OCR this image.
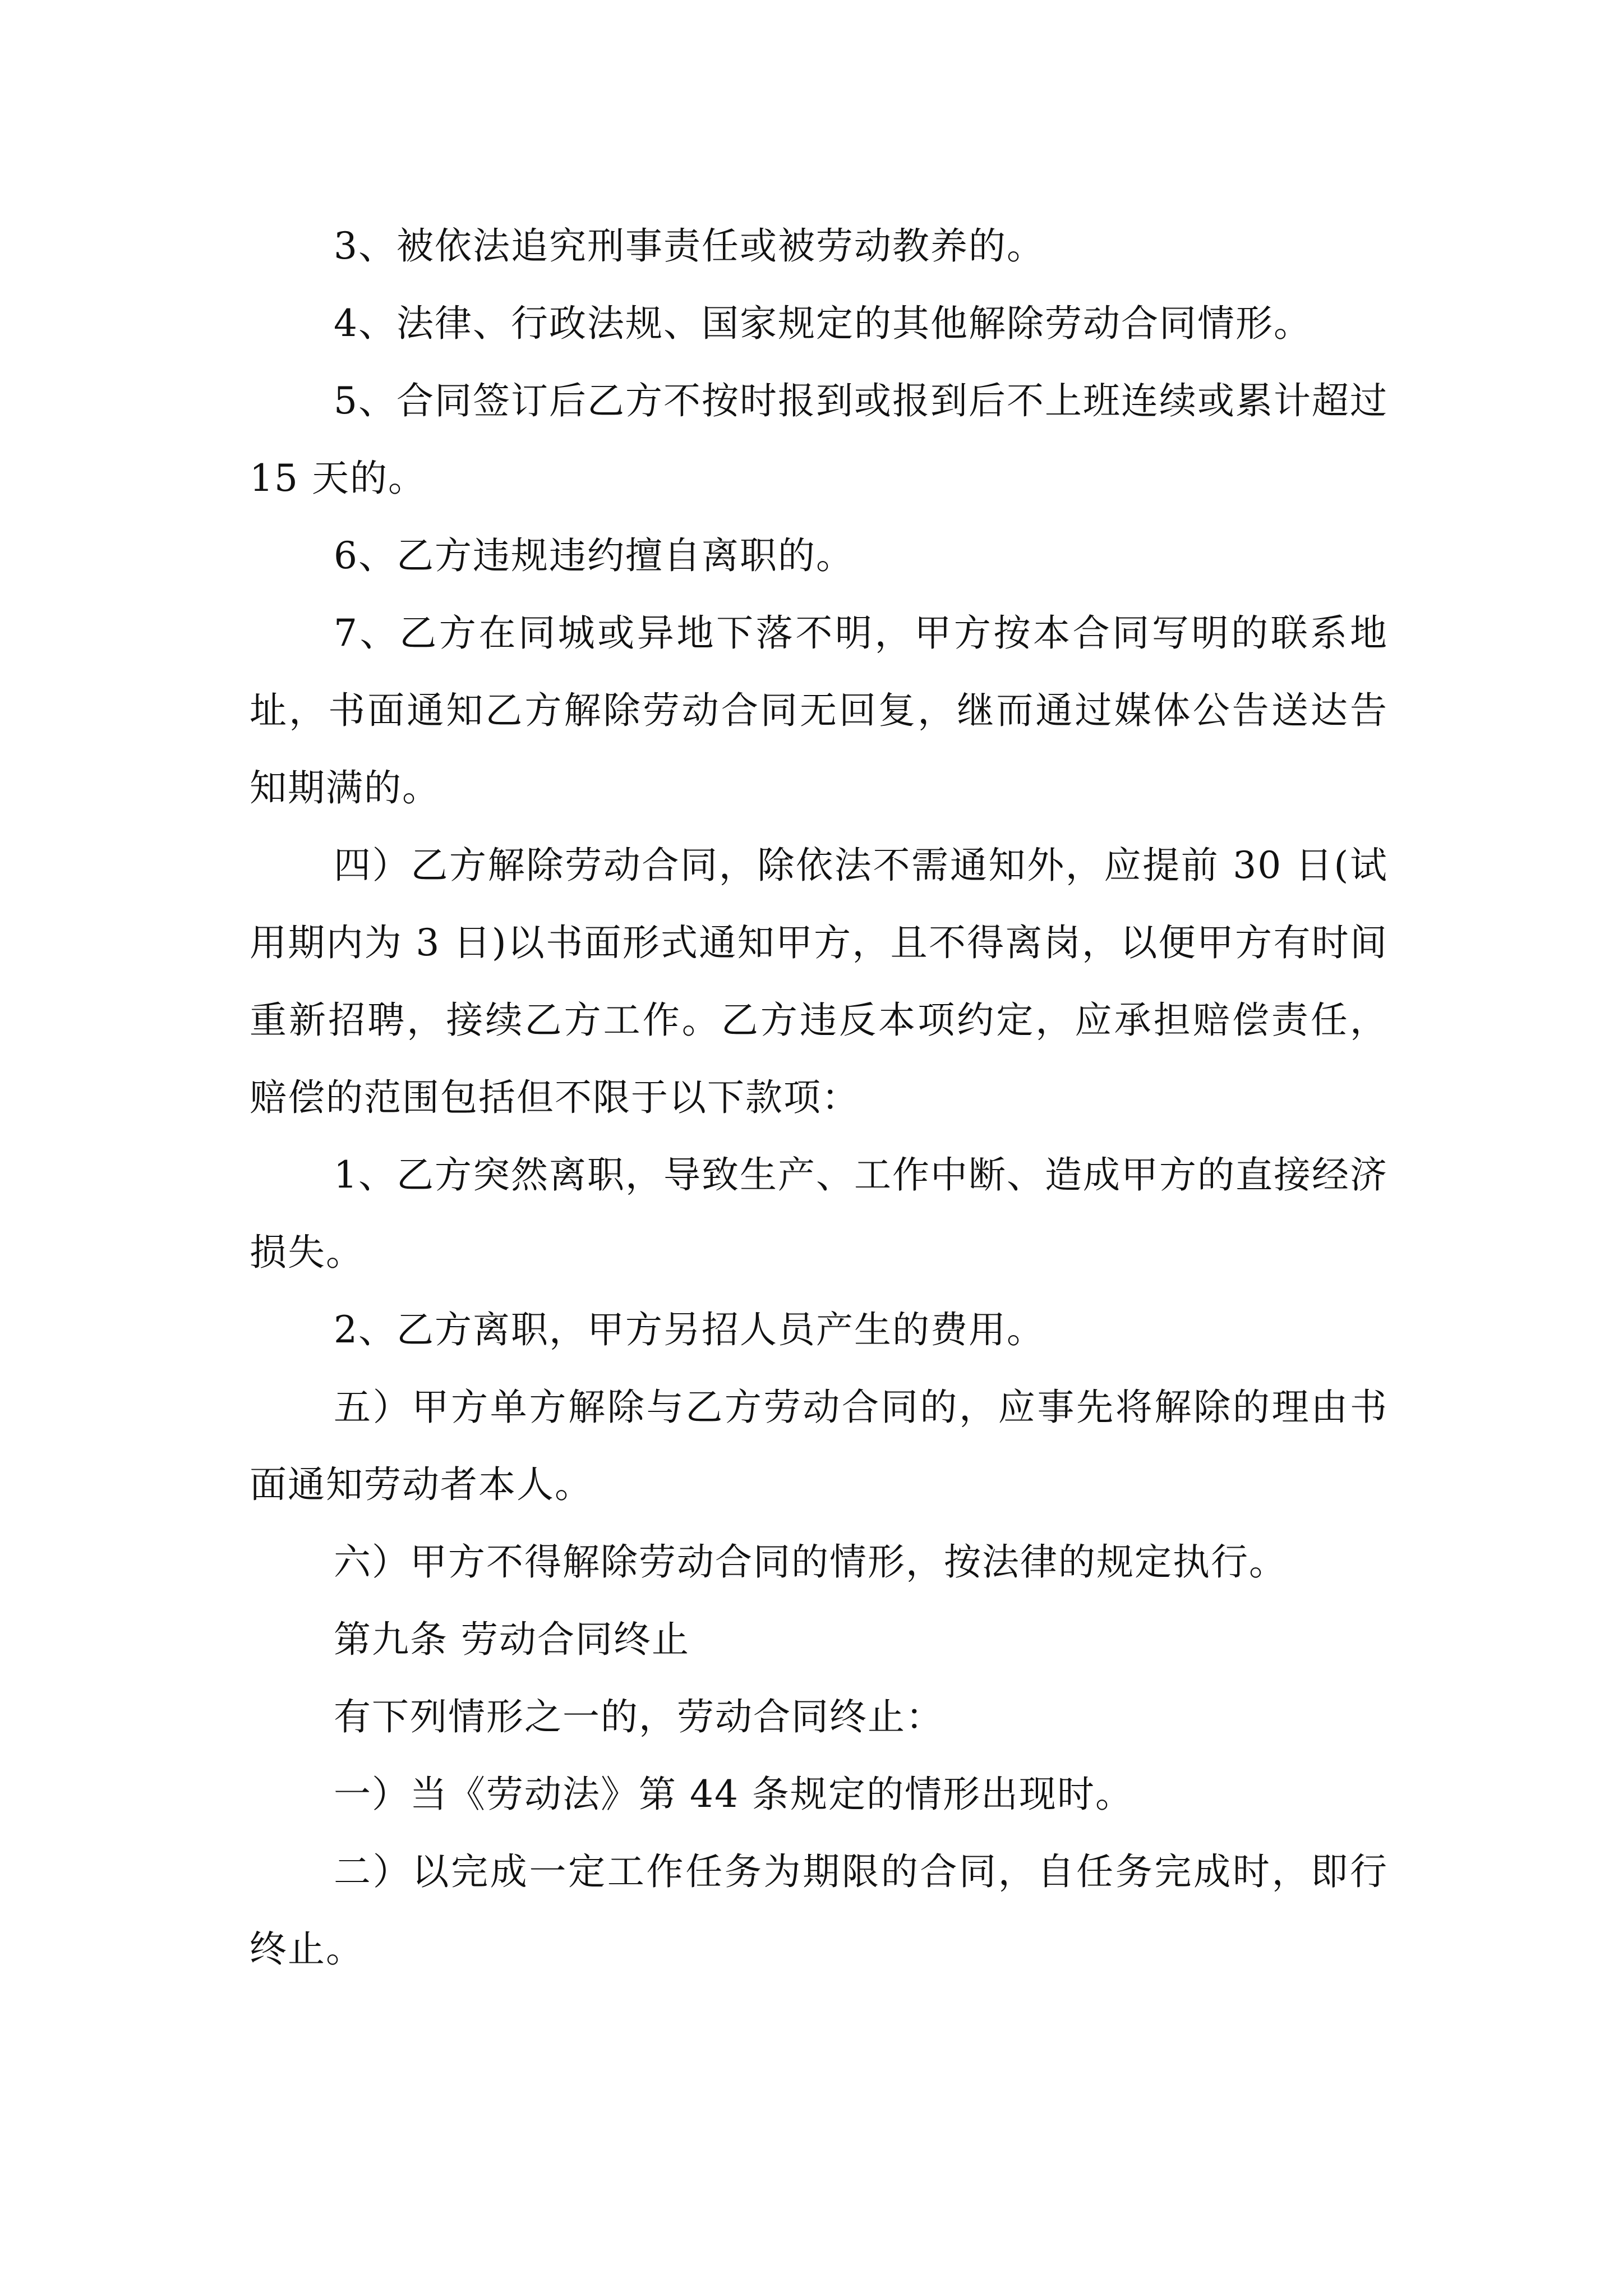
3、被依法追究刑事责任或被劳动教养的。

4、法律、行政法规、国家规定的其他解除劳动合同情形。

5、合同签订后乙方不按时报到或报到后不上班连续或累计超过 15 天的。

6、乙方违规违约擅自离职的。

7、乙方在同城或异地下落不明，甲方按本合同写明的联系地址，书面通知乙方解除劳动合同无回复，继而通过媒体公告送达告知期满的。

四）乙方解除劳动合同，除依法不需通知外，应提前 30 日(试用期内为 3 日)以书面形式通知甲方，且不得离岗，以便甲方有时间重新招聘，接续乙方工作。乙方违反本项约定，应承担赔偿责任，赔偿的范围包括但不限于以下款项：

1、乙方突然离职，导致生产、工作中断、造成甲方的直接经济损失。

2、乙方离职，甲方另招人员产生的费用。

五）甲方单方解除与乙方劳动合同的，应事先将解除的理由书面通知劳动者本人。

六）甲方不得解除劳动合同的情形，按法律的规定执行。

第九条 劳动合同终止

有下列情形之一的，劳动合同终止：

一）当《劳动法》第 44 条规定的情形出现时。

二）以完成一定工作任务为期限的合同，自任务完成时，即行终止。
